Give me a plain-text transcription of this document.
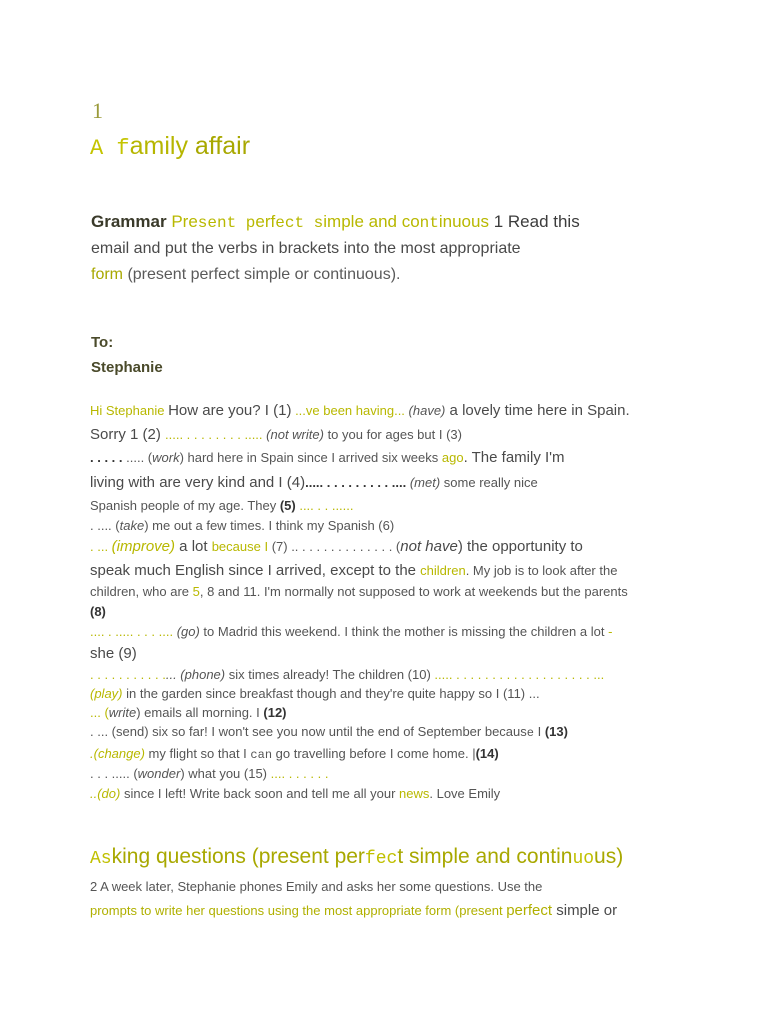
1
A family affair
Grammar Present perfect simple and continuous 1 Read this
email and put the verbs in brackets into the most appropriate
form (present perfect simple or continuous).
To:
Stephanie
Hi Stephanie How are you? I (1) ...ve been having... (have) a lovely time here in Spain.
Sorry 1 (2) ..... . . . . . . . . ..... (not write) to you for ages but I (3)
. . . . . ..... (work) hard here in Spain since I arrived six weeks ago. The family I'm
living with are very kind and I (4)..... . . . . . . . . . .... (met) some really nice
Spanish people of my age. They (5) .... . . ......
. .... (take) me out a few times. I think my Spanish (6)
. ... (improve) a lot because I (7) .. . . . . . . . . . . . . . (not have) the opportunity to
speak much English since I arrived, except to the children. My job is to look after the
children, who are 5, 8 and 11. I'm normally not supposed to work at weekends but the parents
(8)
.... . ..... . . . .... (go) to Madrid this weekend. I think the mother is missing the children a lot -
she (9)
. . . . . . . . . . .... (phone) six times already! The children (10) ..... . . . . . . . . . . . . . . . . . . . ...
(play) in the garden since breakfast though and they're quite happy so I (11) ...
... (write) emails all morning. I (12)
. ... (send) six so far! I won't see you now until the end of September because I (13)
.(change) my flight so that I can go travelling before I come home. |(14)
. . . ..... (wonder) what you (15) .... . . . . . .
..(do) since I left! Write back soon and tell me all your news. Love Emily
Asking questions (present perfect simple and continuous)
2 A week later, Stephanie phones Emily and asks her some questions. Use the
prompts to write her questions using the most appropriate form (present perfect simple or
